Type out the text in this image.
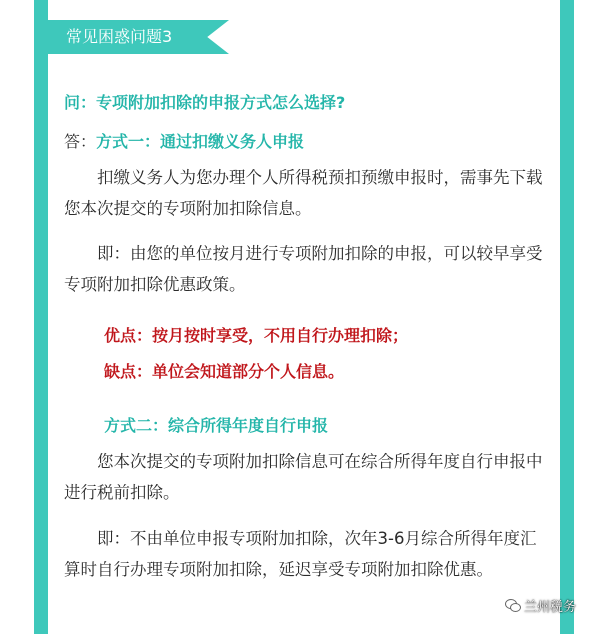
常见困惑问题3
问：专项附加扣除的申报方式怎么选择?
答：方式一：通过扣缴义务人申报
扣缴义务人为您办理个人所得税预扣预缴申报时，需事先下载您本次提交的专项附加扣除信息。
即：由您的单位按月进行专项附加扣除的申报，可以较早享受专项附加扣除优惠政策。
优点：按月按时享受，不用自行办理扣除；
缺点：单位会知道部分个人信息。
方式二：综合所得年度自行申报
您本次提交的专项附加扣除信息可在综合所得年度自行申报中进行税前扣除。
即：不由单位申报专项附加扣除，次年3-6月综合所得年度汇算时自行办理专项附加扣除，延迟享受专项附加扣除优惠。
兰州税务
